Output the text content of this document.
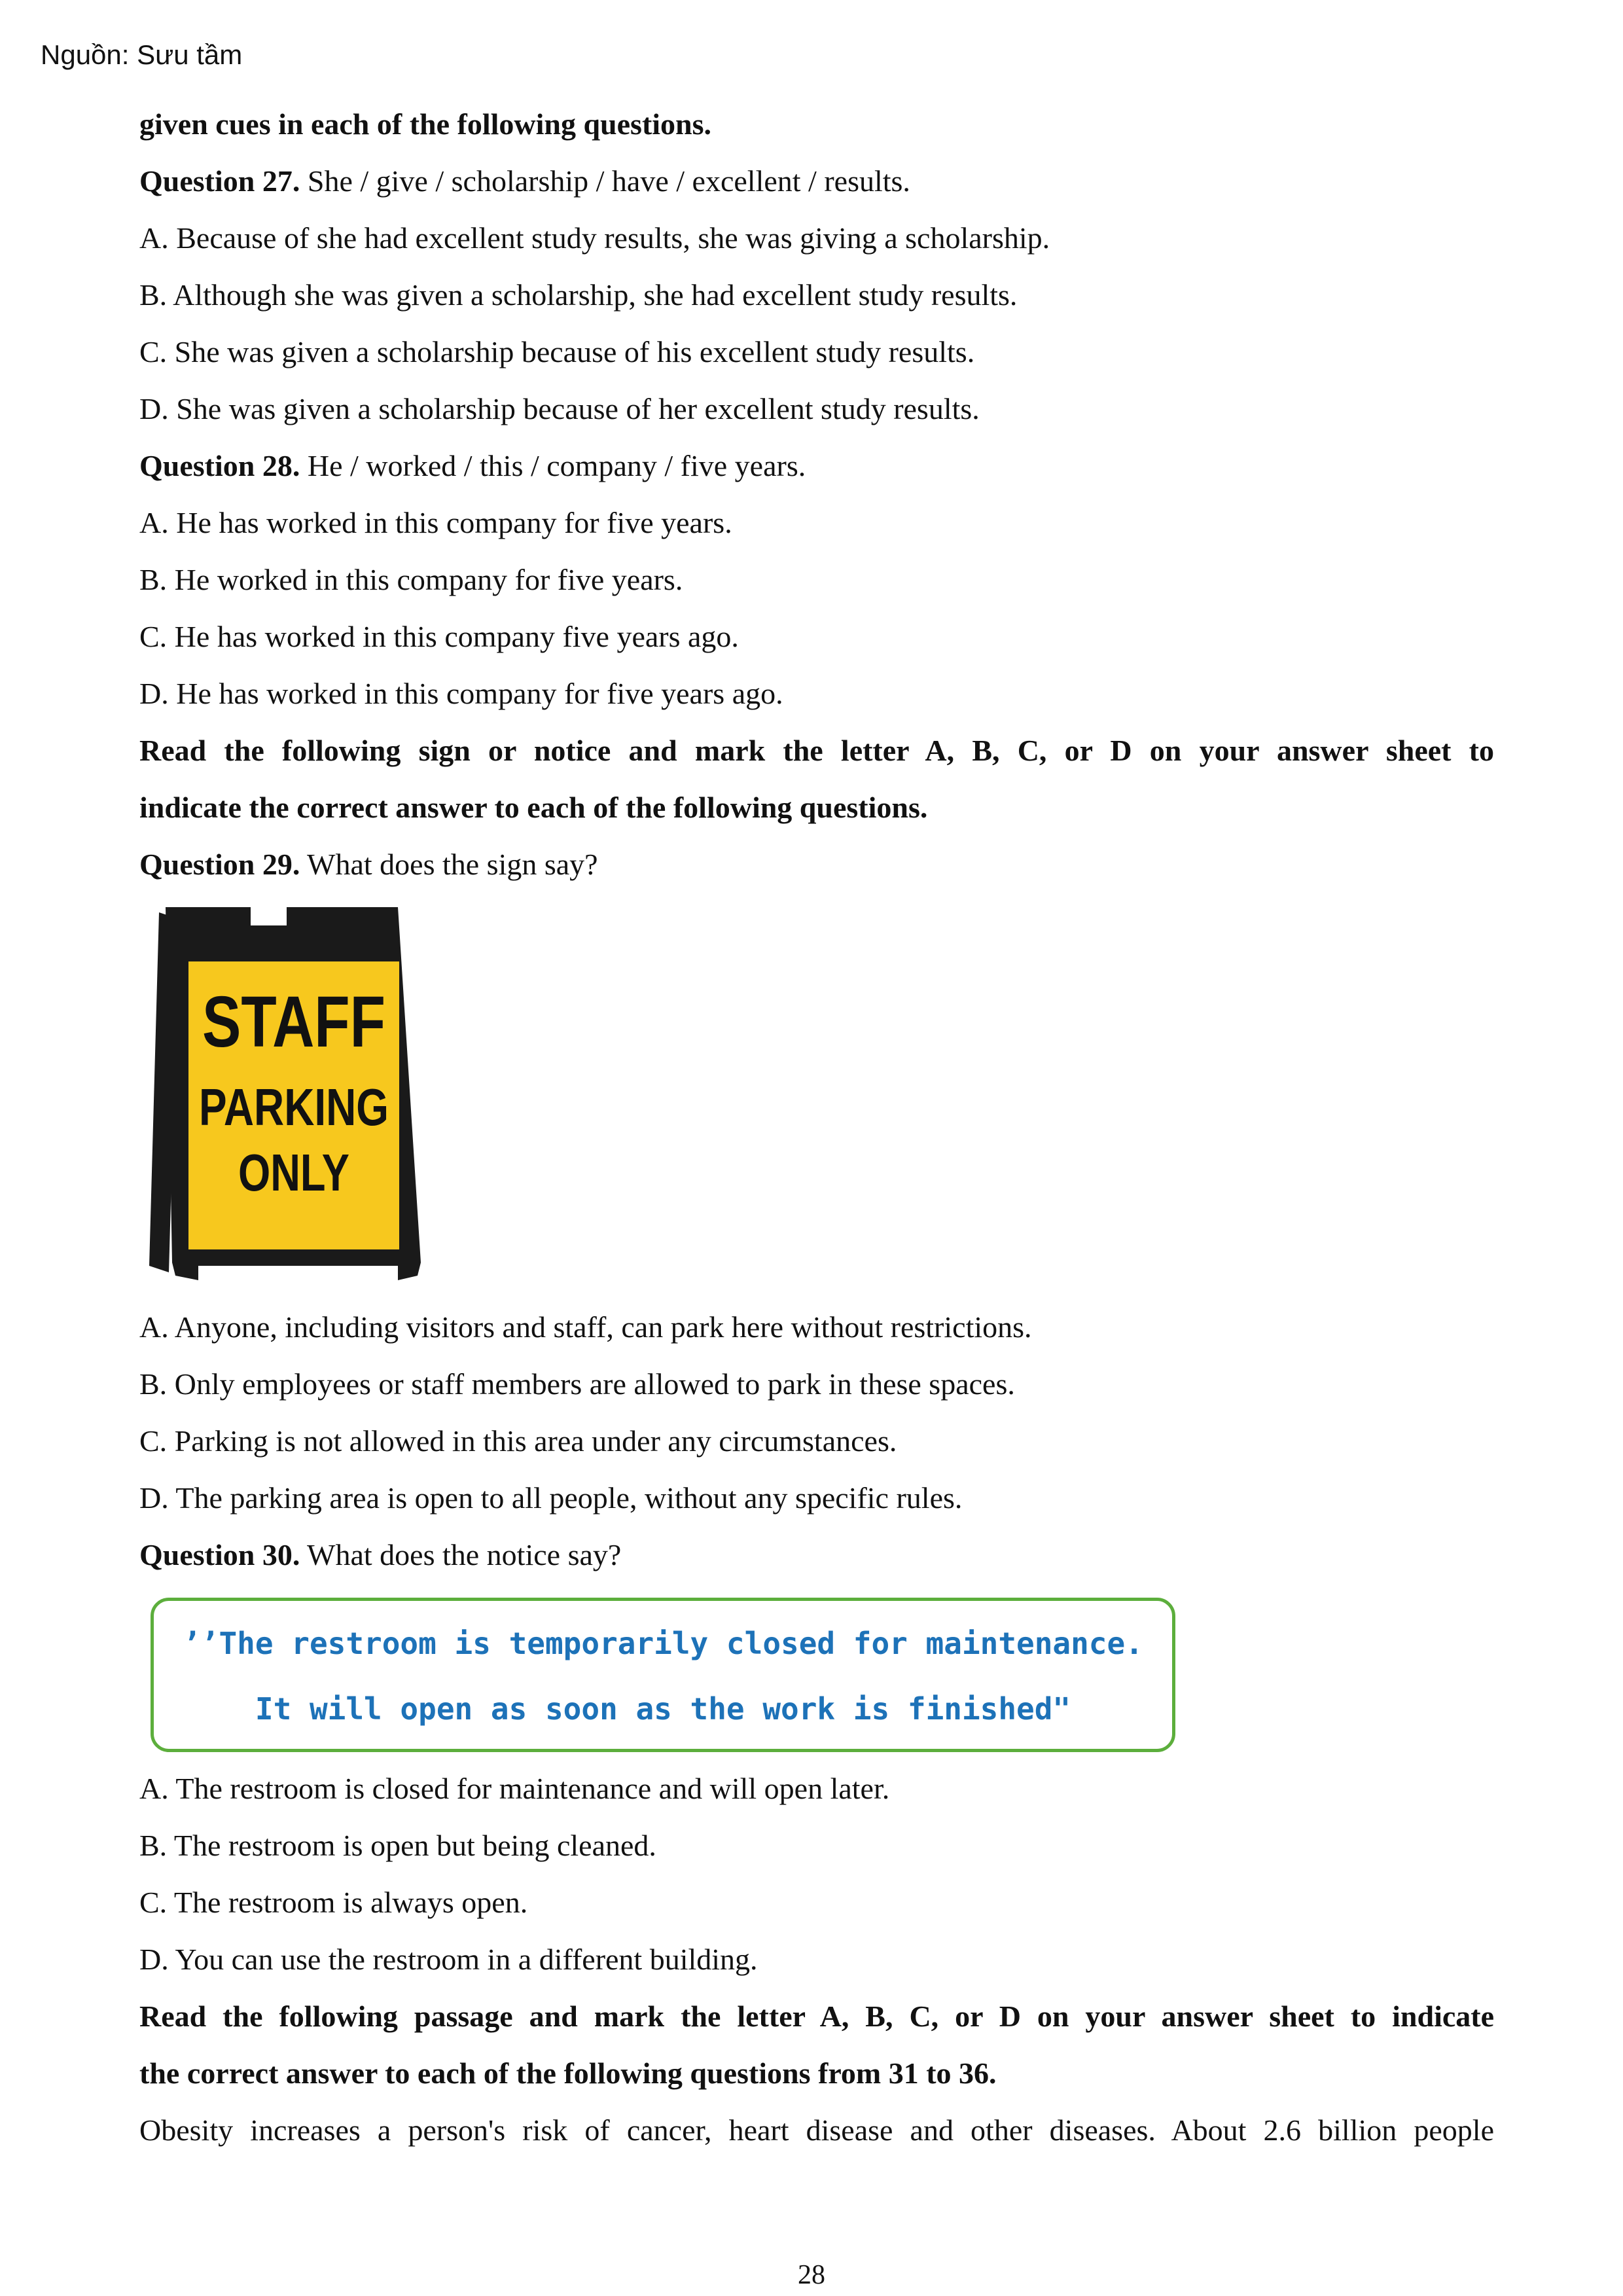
Nguồn: Sưu tầm
given cues in each of the following questions.
Question 27. She / give / scholarship / have / excellent / results.
A. Because of she had excellent study results, she was giving a scholarship.
B. Although she was given a scholarship, she had excellent study results.
C. She was given a scholarship because of his excellent study results.
D. She was given a scholarship because of her excellent study results.
Question 28. He / worked / this / company / five years.
A. He has worked in this company for five years.
B. He worked in this company for five years.
C. He has worked in this company five years ago.
D. He has worked in this company for five years ago.
Read the following sign or notice and mark the letter A, B, C, or D on your answer sheet to
indicate the correct answer to each of the following questions.
Question 29. What does the sign say?
STAFF
PARKING
ONLY
A. Anyone, including visitors and staff, can park here without restrictions.
B. Only employees or staff members are allowed to park in these spaces.
C. Parking is not allowed in this area under any circumstances.
D. The parking area is open to all people, without any specific rules.
Question 30. What does the notice say?
’’The restroom is temporarily closed for maintenance.
It will open as soon as the work is finished"
A. The restroom is closed for maintenance and will open later.
B. The restroom is open but being cleaned.
C. The restroom is always open.
D. You can use the restroom in a different building.
Read the following passage and mark the letter A, B, C, or D on your answer sheet to indicate
the correct answer to each of the following questions from 31 to 36.
Obesity increases a person's risk of cancer, heart disease and other diseases. About 2.6 billion people
28
